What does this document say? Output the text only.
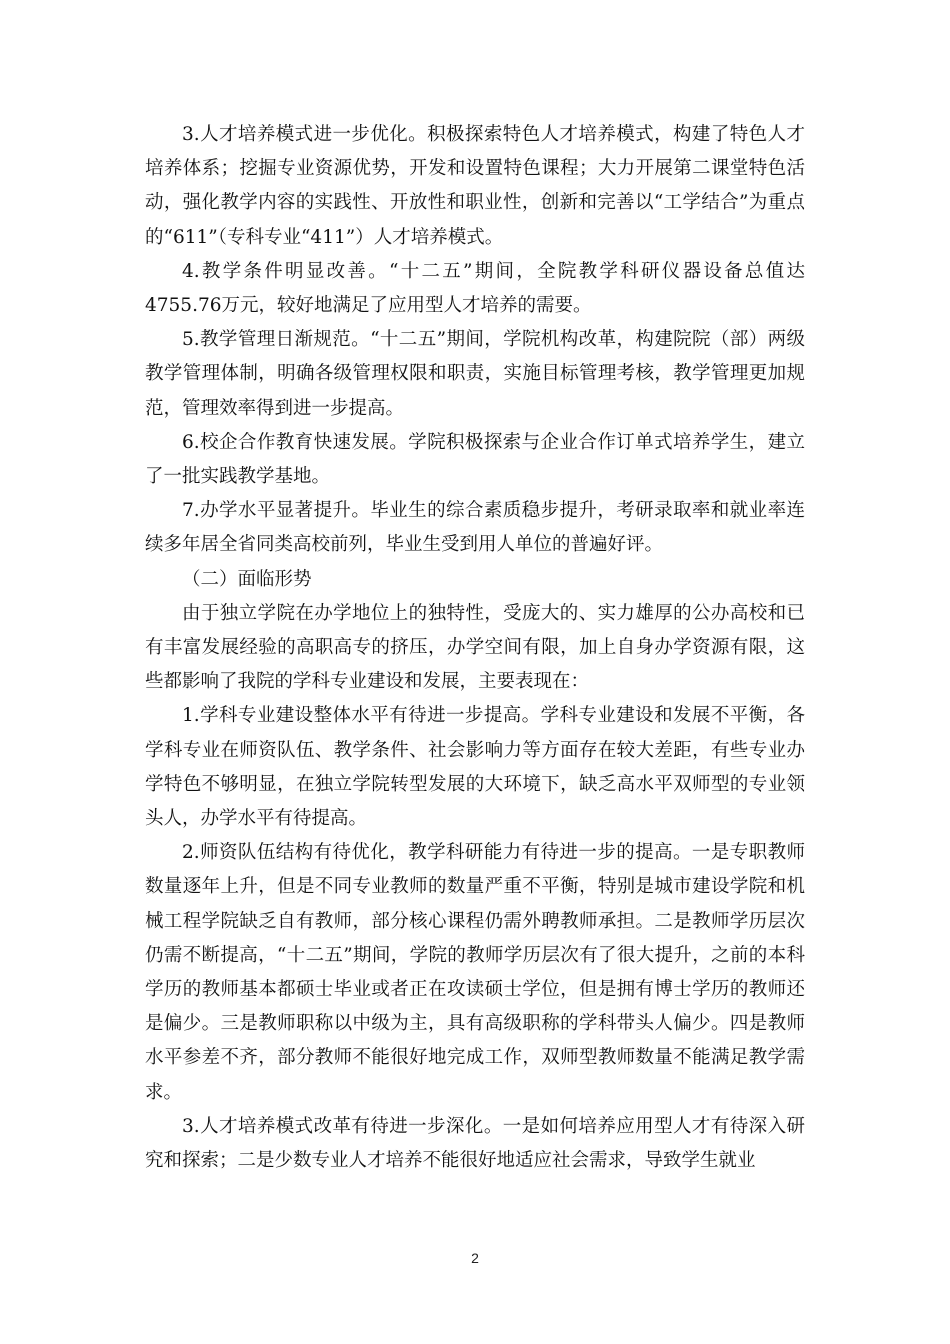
3.人才培养模式进一步优化。积极探索特色人才培养模式，构建了特色人才培养体系；挖掘专业资源优势，开发和设置特色课程；大力开展第二课堂特色活动，强化教学内容的实践性、开放性和职业性，创新和完善以“工学结合”为重点的“611”（专科专业“411”）人才培养模式。

4.教学条件明显改善。“十二五”期间，全院教学科研仪器设备总值达4755.76万元，较好地满足了应用型人才培养的需要。

5.教学管理日渐规范。“十二五”期间，学院机构改革，构建院院（部）两级教学管理体制，明确各级管理权限和职责，实施目标管理考核，教学管理更加规范，管理效率得到进一步提高。

6.校企合作教育快速发展。学院积极探索与企业合作订单式培养学生，建立了一批实践教学基地。

7.办学水平显著提升。毕业生的综合素质稳步提升，考研录取率和就业率连续多年居全省同类高校前列，毕业生受到用人单位的普遍好评。

（二）面临形势

由于独立学院在办学地位上的独特性，受庞大的、实力雄厚的公办高校和已有丰富发展经验的高职高专的挤压，办学空间有限，加上自身办学资源有限，这些都影响了我院的学科专业建设和发展，主要表现在：

1.学科专业建设整体水平有待进一步提高。学科专业建设和发展不平衡，各学科专业在师资队伍、教学条件、社会影响力等方面存在较大差距，有些专业办学特色不够明显，在独立学院转型发展的大环境下，缺乏高水平双师型的专业领头人，办学水平有待提高。

2.师资队伍结构有待优化，教学科研能力有待进一步的提高。一是专职教师数量逐年上升，但是不同专业教师的数量严重不平衡，特别是城市建设学院和机械工程学院缺乏自有教师，部分核心课程仍需外聘教师承担。二是教师学历层次仍需不断提高，“十二五”期间，学院的教师学历层次有了很大提升，之前的本科学历的教师基本都硕士毕业或者正在攻读硕士学位，但是拥有博士学历的教师还是偏少。三是教师职称以中级为主，具有高级职称的学科带头人偏少。四是教师水平参差不齐，部分教师不能很好地完成工作，双师型教师数量不能满足教学需求。

3.人才培养模式改革有待进一步深化。一是如何培养应用型人才有待深入研究和探索；二是少数专业人才培养不能很好地适应社会需求，导致学生就业

2
